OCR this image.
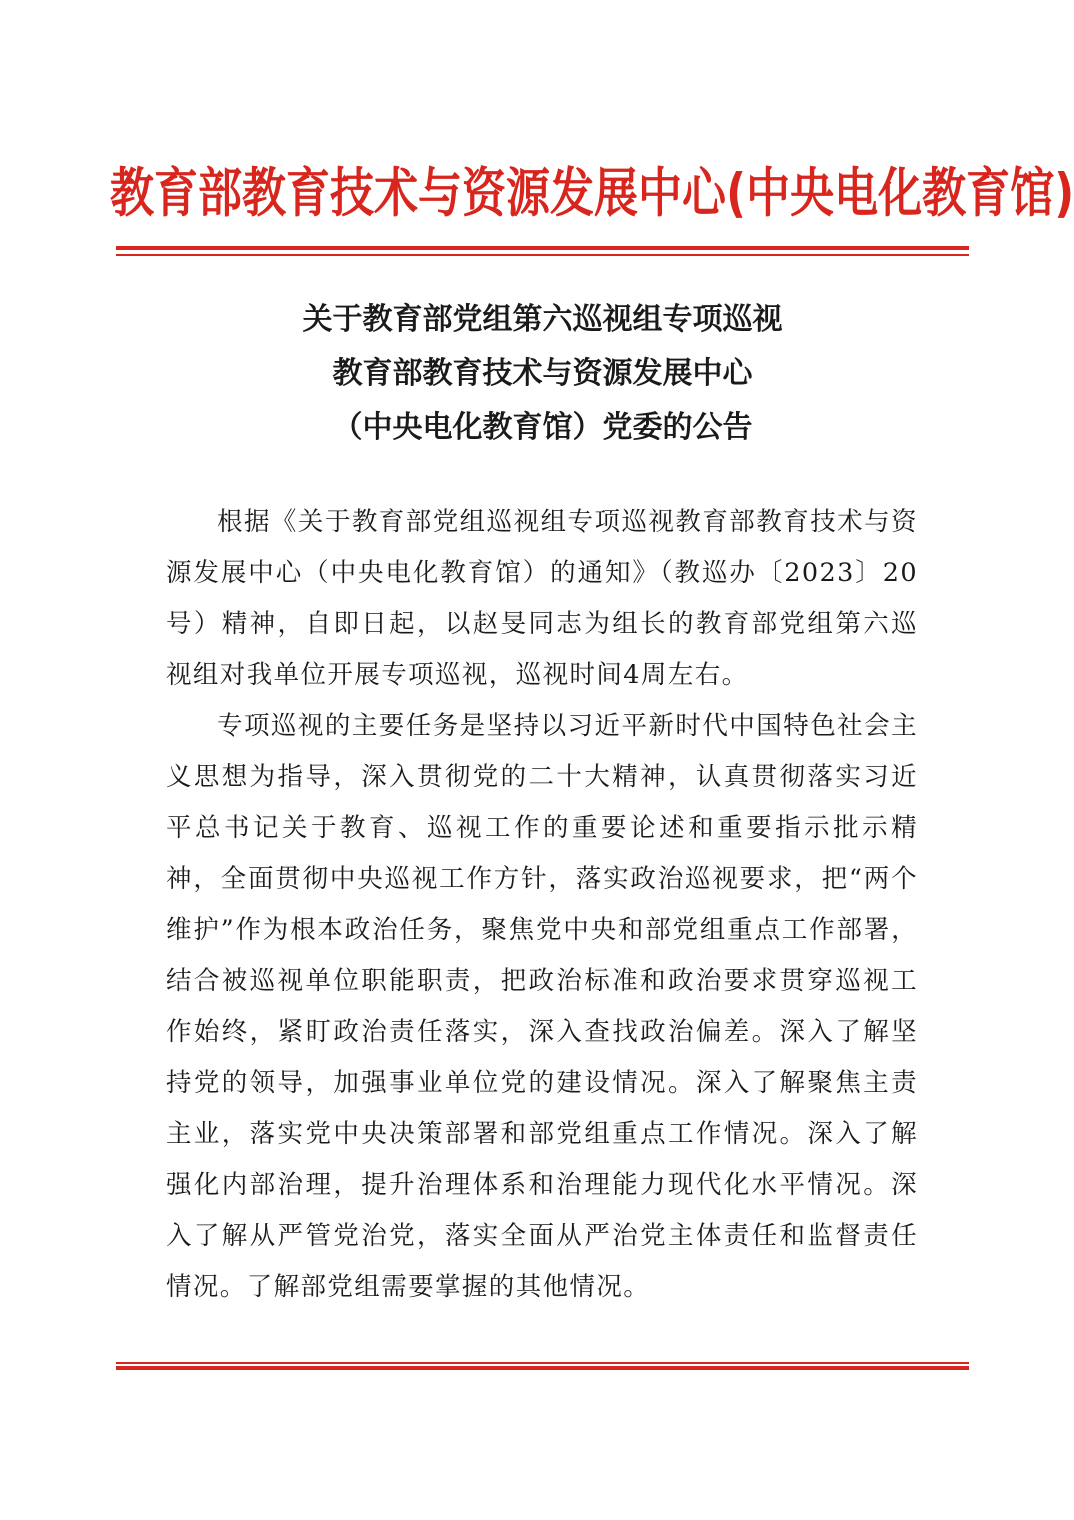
教育部教育技术与资源发展中心(中央电化教育馆)
关于教育部党组第六巡视组专项巡视
教育部教育技术与资源发展中心
（中央电化教育馆）党委的公告

根据《关于教育部党组巡视组专项巡视教育部教育技术与资源发展中心（中央电化教育馆）的通知》（教巡办〔2023〕20号）精神，自即日起，以赵旻同志为组长的教育部党组第六巡视组对我单位开展专项巡视，巡视时间4周左右。

专项巡视的主要任务是坚持以习近平新时代中国特色社会主义思想为指导，深入贯彻党的二十大精神，认真贯彻落实习近平总书记关于教育、巡视工作的重要论述和重要指示批示精神，全面贯彻中央巡视工作方针，落实政治巡视要求，把“两个维护”作为根本政治任务，聚焦党中央和部党组重点工作部署，结合被巡视单位职能职责，把政治标准和政治要求贯穿巡视工作始终，紧盯政治责任落实，深入查找政治偏差。深入了解坚持党的领导，加强事业单位党的建设情况。深入了解聚焦主责主业，落实党中央决策部署和部党组重点工作情况。深入了解强化内部治理，提升治理体系和治理能力现代化水平情况。深入了解从严管党治党，落实全面从严治党主体责任和监督责任情况。了解部党组需要掌握的其他情况。
